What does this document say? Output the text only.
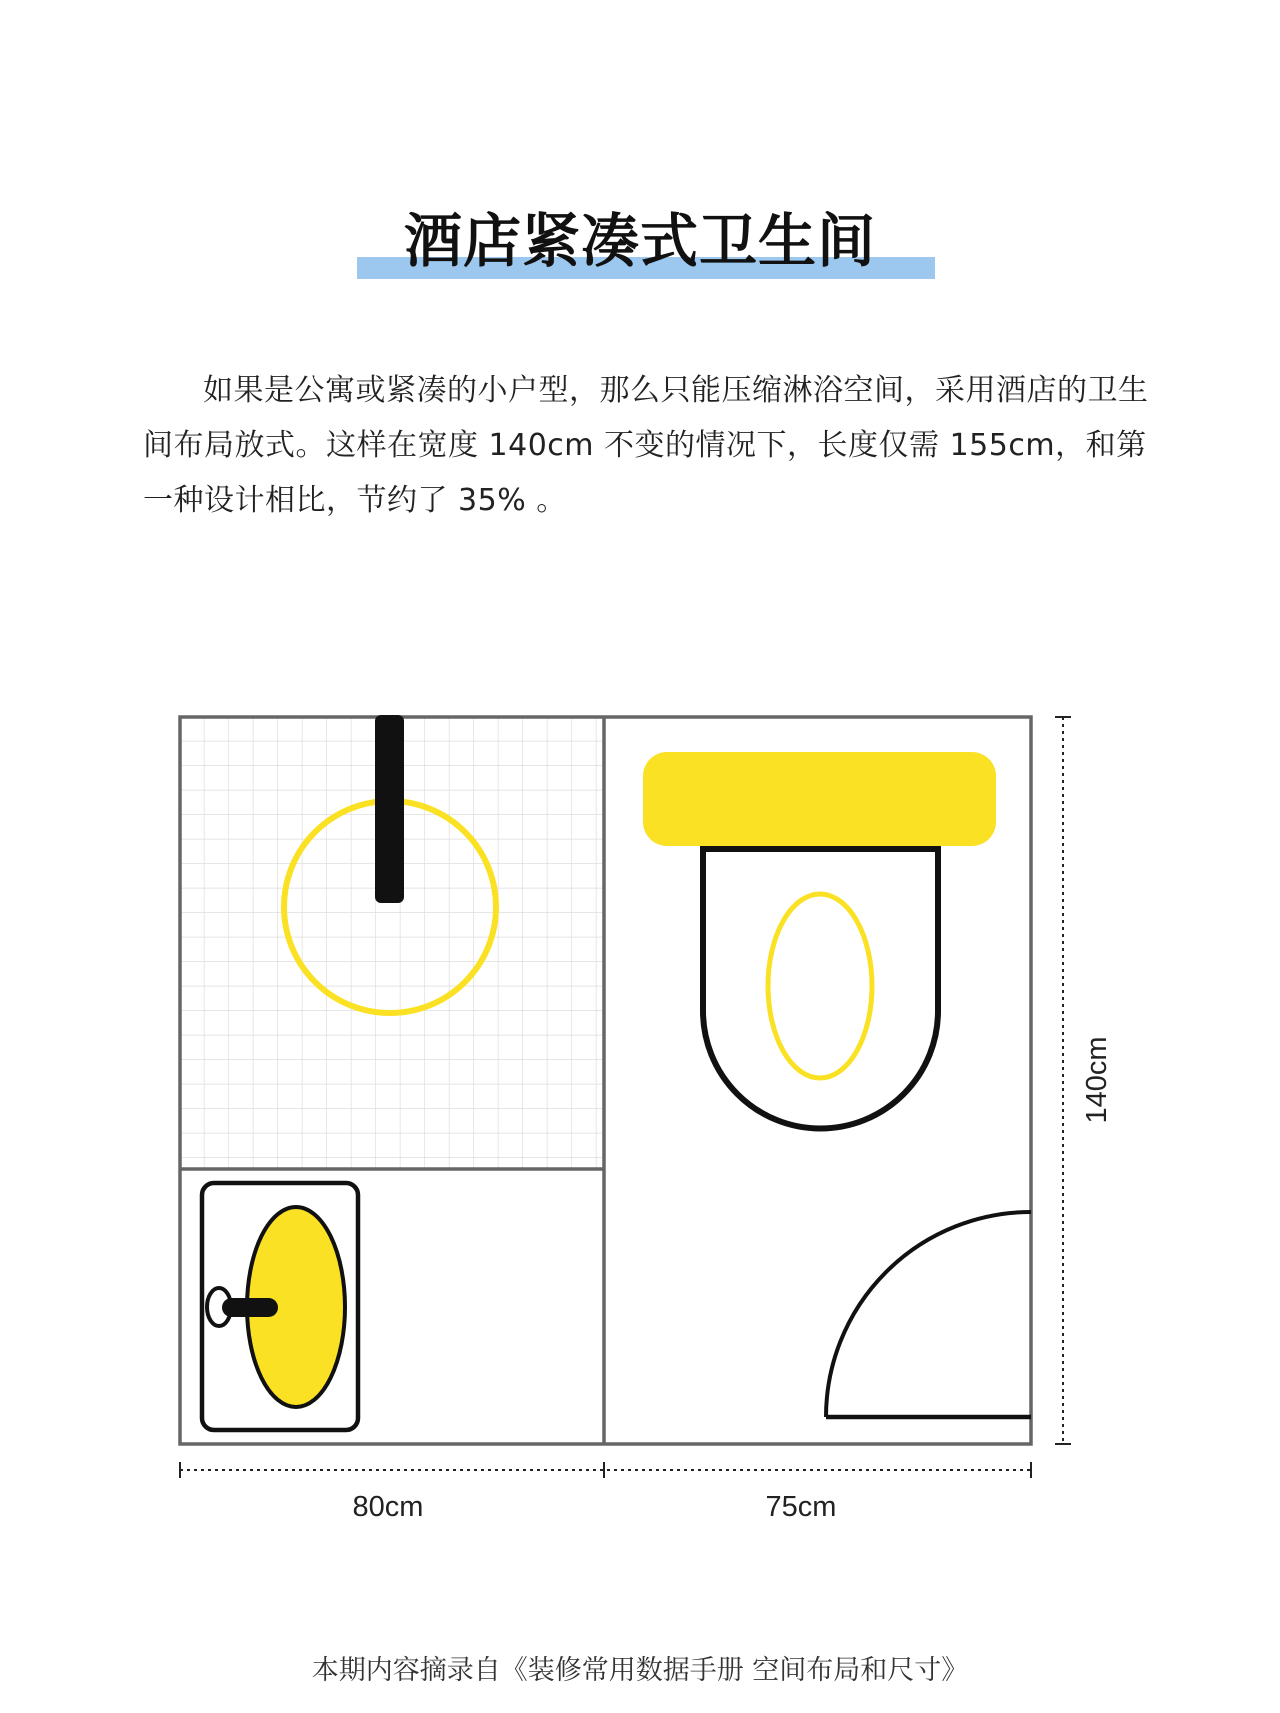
酒店紧凑式卫生间
如果是公寓或紧凑的小户型，那么只能压缩淋浴空间，采用酒店的卫生间布局放式。这样在宽度 140cm 不变的情况下，长度仅需 155cm，和第一种设计相比，节约了 35% 。
80cm	75cm
140cm
本期内容摘录自《装修常用数据手册 空间布局和尺寸》
